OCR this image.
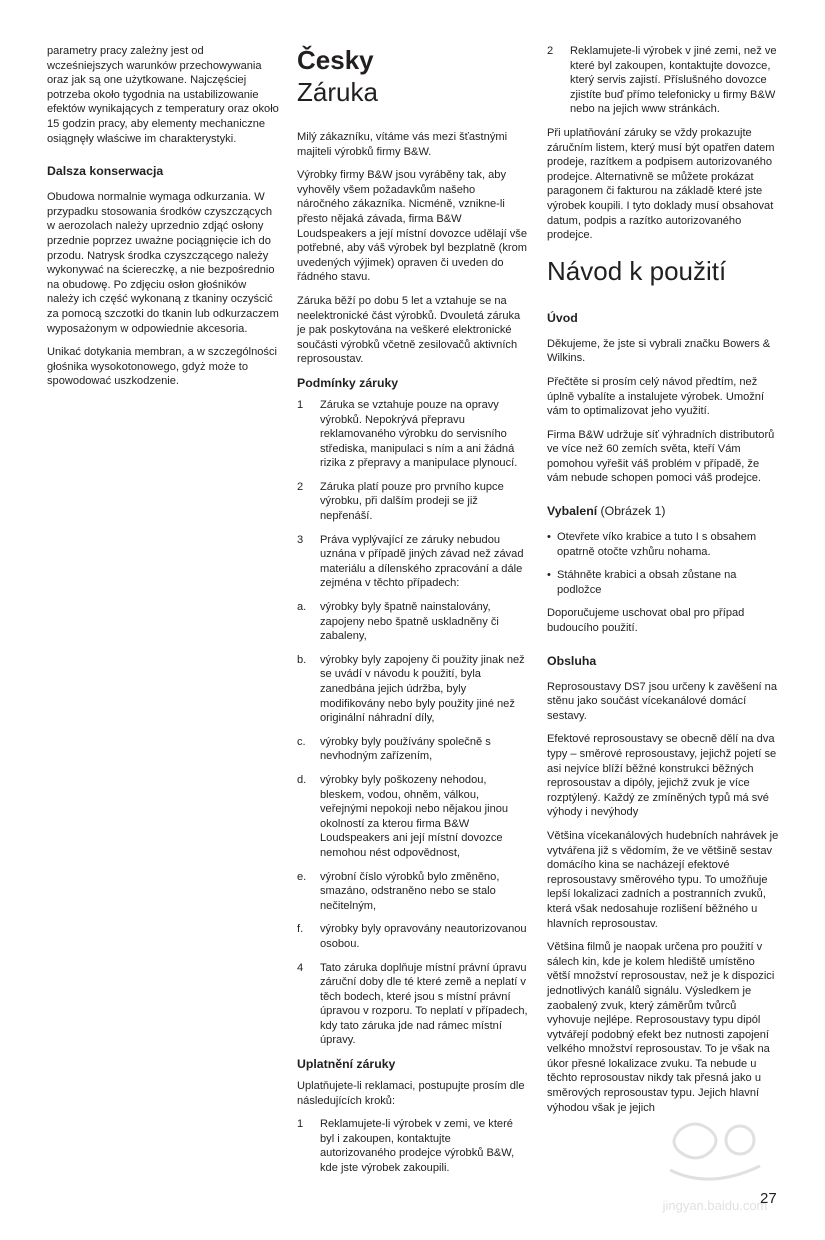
parametry pracy zależny jest od wcześniejszych warunków przechowywania oraz jak są one użytkowane. Najczęściej potrzeba około tygodnia na ustabilizowanie efektów wynikających z temperatury oraz około 15 godzin pracy, aby elementy mechaniczne osiągnęły właściwe im charakterystyki.

Dalsza konserwacja

Obudowa normalnie wymaga odkurzania. W przypadku stosowania środków czyszczących w aerozolach należy uprzednio zdjąć osłony przednie poprzez uważne pociągnięcie ich do przodu. Natrysk środka czyszczącego należy wykonywać na ściereczkę, a nie bezpośrednio na obudowę. Po zdjęciu osłon głośników należy ich część wykonaną z tkaniny oczyścić za pomocą szczotki do tkanin lub odkurzaczem wyposażonym w odpowiednie akcesoria.

Unikać dotykania membran, a w szczególności głośnika wysokotonowego, gdyż może to spowodować uszkodzenie.

Česky
Záruka

Milý zákazníku, vítáme vás mezi šťastnými majiteli výrobků firmy B&W.

Výrobky firmy B&W jsou vyráběny tak, aby vyhověly všem požadavkům našeho náročného zákazníka. Nicméně, vznikne-li přesto nějaká závada, firma B&W Loudspeakers a její místní dovozce udělají vše potřebné, aby váš výrobek byl bezplatně (krom uvedených výjimek) opraven či uveden do řádného stavu.

Záruka běží po dobu 5 let a vztahuje se na neelektronické část výrobků. Dvouletá záruka je pak poskytována na veškeré elektronické součásti výrobků včetně zesilovačů aktivních reprosoustav.

Podmínky záruky
1	Záruka se vztahuje pouze na opravy výrobků. Nepokrývá přepravu reklamovaného výrobku do servisního střediska, manipulaci s ním a ani žádná rizika z přepravy a manipulace plynoucí.
2	Záruka platí pouze pro prvního kupce výrobku, při dalším prodeji se již nepřenáší.
3	Práva vyplývající ze záruky nebudou uznána v případě jiných závad než závad materiálu a dílenského zpracování a dále zejména v těchto případech:
a.	výrobky byly špatně nainstalovány, zapojeny nebo špatně uskladněny či zabaleny,
b.	výrobky byly zapojeny či použity jinak než se uvádí v návodu k použití, byla zanedbána jejich údržba, byly modifikovány nebo byly použity jiné než originální náhradní díly,
c.	výrobky byly používány společně s nevhodným zařízením,
d.	výrobky byly poškozeny nehodou, bleskem, vodou, ohněm, válkou, veřejnými nepokoji nebo nějakou jinou okolností za kterou firma B&W Loudspeakers ani její místní dovozce nemohou nést odpovědnost,
e.	výrobní číslo výrobků bylo změněno, smazáno, odstraněno nebo se stalo nečitelným,
f.	výrobky byly opravovány neautorizovanou osobou.
4	Tato záruka doplňuje místní právní úpravu záruční doby dle té které země a neplatí v těch bodech, které jsou s místní právní úpravou v rozporu. To neplatí v případech, kdy tato záruka jde nad rámec místní úpravy.
Uplatnění záruky

Uplatňujete-li reklamaci, postupujte prosím dle následujících kroků:

1	Reklamujete-li výrobek v zemi, ve které byl i zakoupen, kontaktujte autorizovaného prodejce výrobků B&W, kde jste výrobek zakoupili.
2	Reklamujete-li výrobek v jiné zemi, než ve které byl zakoupen, kontaktujte dovozce, který servis zajistí. Příslušného dovozce zjistíte buď přímo telefonicky u firmy B&W nebo na jejich www stránkách.

Při uplatňování záruky se vždy prokazujte záručním listem, který musí být opatřen datem prodeje, razítkem a podpisem autorizovaného prodejce. Alternativně se můžete prokázat paragonem či fakturou na základě které jste výrobek koupili. I tyto doklady musí obsahovat datum, podpis a razítko autorizovaného prodejce.

Návod k použití
Úvod

Děkujeme, že jste si vybrali značku Bowers & Wilkins.

Přečtěte si prosím celý návod předtím, než úplně vybalíte a instalujete výrobek. Umožní vám to optimalizovat jeho využití.

Firma B&W udržuje síť výhradních distributorů ve více než 60 zemích světa, kteří Vám pomohou vyřešit váš problém v případě, že vám nebude schopen pomoci váš prodejce.

Vybalení (Obrázek 1)
• Otevřete víko krabice a tuto I s obsahem opatrně otočte vzhůru nohama.
• Stáhněte krabici a obsah zůstane na podložce

Doporučujeme uschovat obal pro případ budoucího použití.

Obsluha

Reprosoustavy DS7 jsou určeny k zavěšení na stěnu jako součást vícekanálové domácí sestavy.

Efektové reprosoustavy se obecně dělí na dva typy – směrové reprosoustavy, jejichž pojetí se asi nejvíce blíží běžné konstrukci běžných reprosoustav a dipóly, jejichž zvuk je více rozptýlený. Každý ze zmíněných typů má své výhody i nevýhody

Většina vícekanálových hudebních nahrávek je vytvářena již s vědomím, že ve většině sestav domácího kina se nacházejí efektové reprosoustavy směrového typu. To umožňuje lepší lokalizaci zadních a postranních zvuků, která však nedosahuje rozlišení běžného u hlavních reprosoustav.

Většina filmů je naopak určena pro použití v sálech kin, kde je kolem hlediště umístěno větší množství reprosoustav, než je k dispozici jednotlivých kanálů signálu. Výsledkem je zaobalený zvuk, který záměrům tvůrců vyhovuje nejlépe. Reprosoustavy typu dipól vytvářejí podobný efekt bez nutnosti zapojení velkého množství reprosoustav. To je však na úkor přesné lokalizace zvuku. Ta nebude u těchto reprosoustav nikdy tak přesná jako u směrových reprosoustav typu. Jejich hlavní výhodou však je jejich

jingyan.baidu.com
27
